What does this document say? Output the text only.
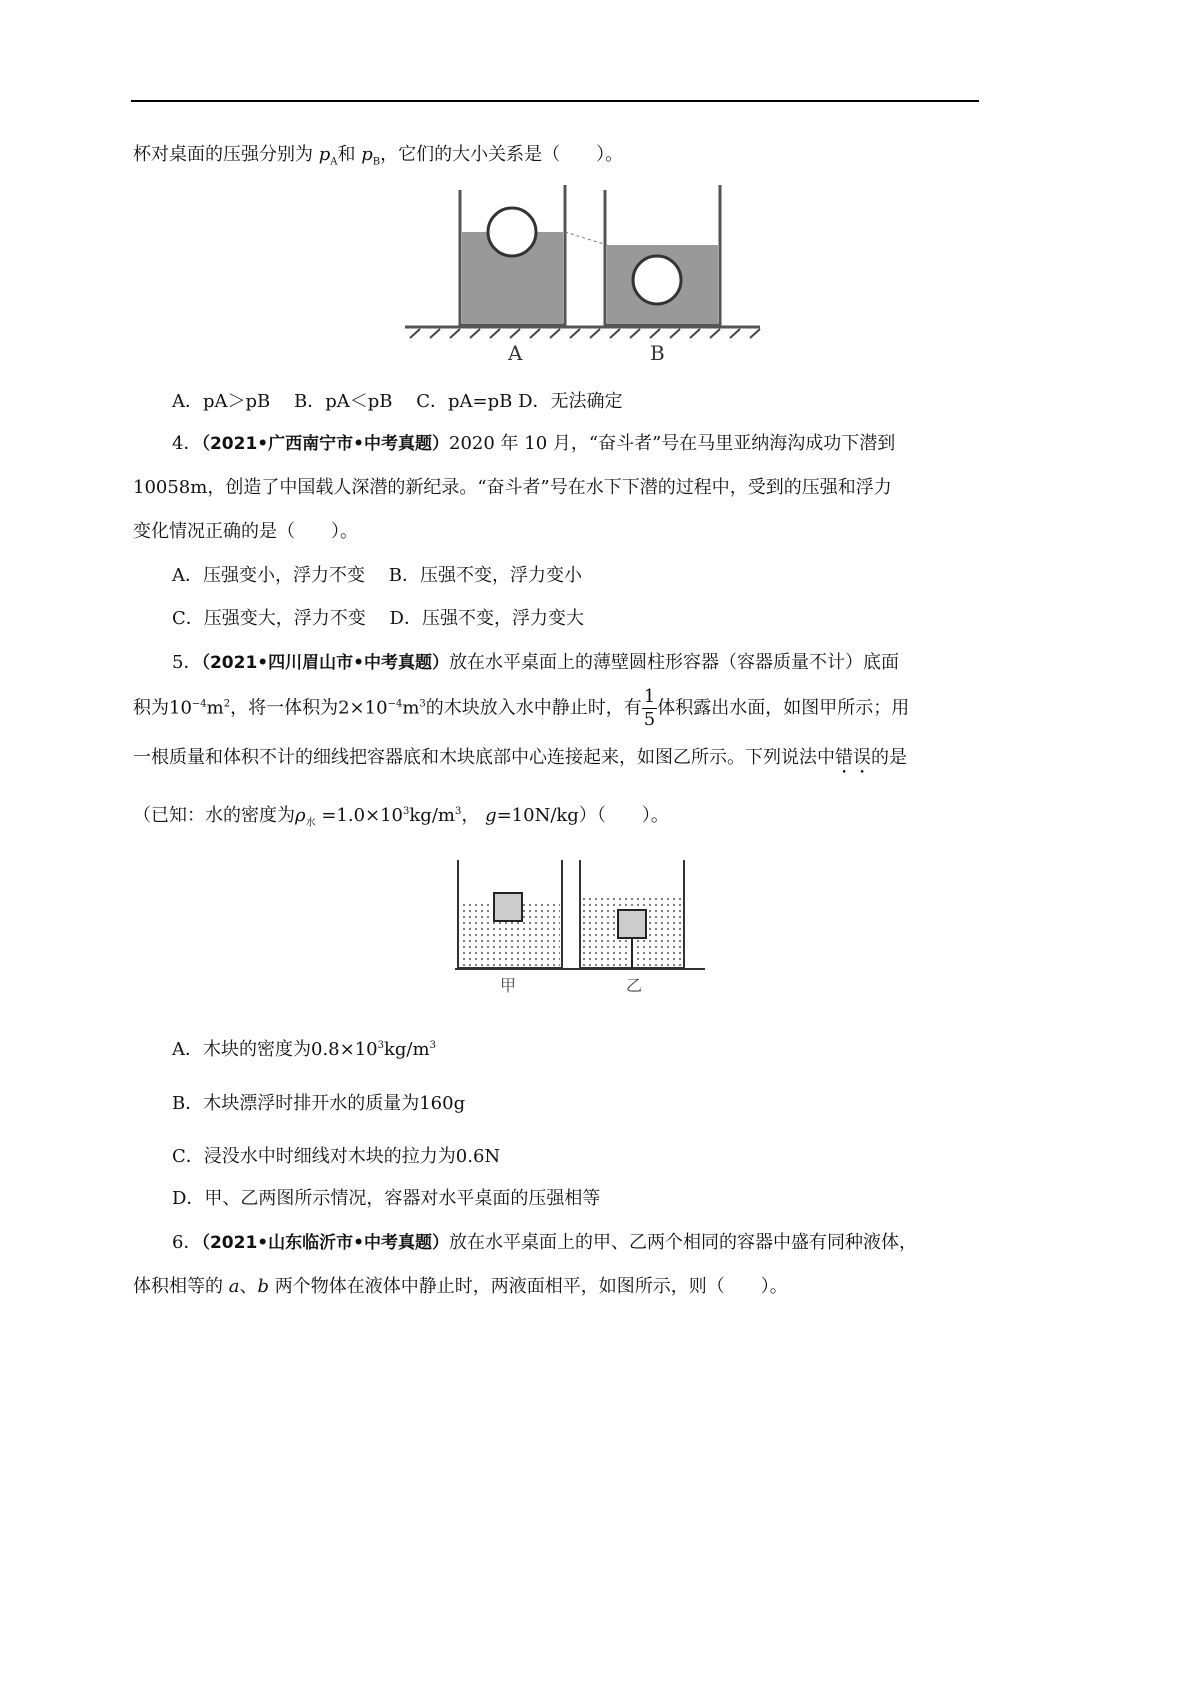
杯对桌面的压强分别为 $p_A$和 $p_B$，它们的大小关系是（　　）。
A	B
A．pA＞pB　 B．pA＜pB　 C．pA=pB D．无法确定
4．（2021•广西南宁市•中考真题）2020 年 10 月，“奋斗者”号在马里亚纳海沟成功下潜到
10058m，创造了中国载人深潜的新纪录。“奋斗者”号在水下下潜的过程中，受到的压强和浮力
变化情况正确的是（　　）。
A．压强变小，浮力不变　 B．压强不变，浮力变小
C．压强变大，浮力不变　 D．压强不变，浮力变大
5．（2021•四川眉山市•中考真题）放在水平桌面上的薄壁圆柱形容器（容器质量不计）底面
积为$10^{-4}m^2$，将一体积为$2\times 10^{-4}m^3$的木块放入水中静止时，有 $\frac{1}{5}$ 体积露出水面，如图甲所示；用
一根质量和体积不计的细线把容器底和木块底部中心连接起来，如图乙所示。下列说法中错误的是
（已知：水的密度为$\rho_水 =1.0\times 10^3kg/m^3$， g=10N/kg）（　　）。
甲	乙
A．木块的密度为$0.8\times 10^3kg/m^3$
B．木块漂浮时排开水的质量为160g
C．浸没水中时细线对木块的拉力为0.6N
D．甲、乙两图所示情况，容器对水平桌面的压强相等
6．（2021•山东临沂市•中考真题）放在水平桌面上的甲、乙两个相同的容器中盛有同种液体，
体积相等的 a、b 两个物体在液体中静止时，两液面相平，如图所示，则（　　）。
